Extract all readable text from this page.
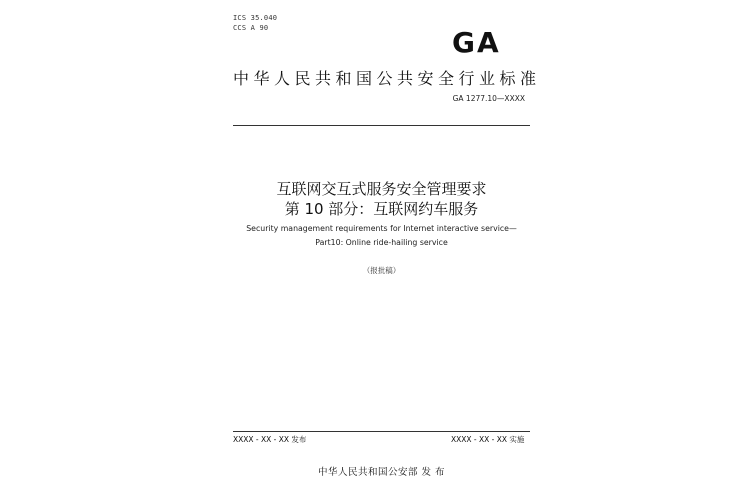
ICS 35.040
CCS A 90	GA
中华人民共和国公共安全行业标准
GA 1277.10—XXXX
互联网交互式服务安全管理要求
第 10 部分：互联网约车服务
Security management requirements for Internet interactive service—
Part10: Online ride-hailing service
（报批稿）
XXXX - XX - XX 发布	XXXX - XX - XX 实施
中华人民共和国公安部 发 布
